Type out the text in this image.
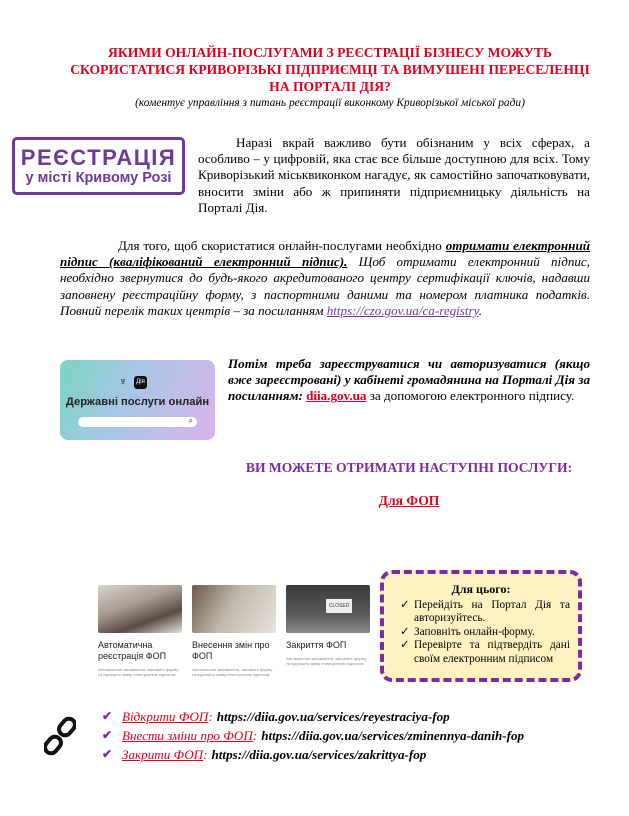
ЯКИМИ ОНЛАЙН-ПОСЛУГАМИ З РЕЄСТРАЦІЇ БІЗНЕСУ МОЖУТЬ СКОРИСТАТИСЯ КРИВОРІЗЬКІ ПІДПРИЄМЦІ ТА ВИМУШЕНІ ПЕРЕСЕЛЕНЦІ НА ПОРТАЛІ ДІЯ?
(коментує управління з питань реєстрації виконкому Криворізької міської ради)
РЕЄСТРАЦІЯ
у місті Кривому Розі
Наразі вкрай важливо бути обізнаним у всіх сферах, а особливо – у цифровій, яка стає все більше доступною для всіх. Тому Криворізький міськвиконком нагадує, як самостійно започатковувати, вносити зміни або ж припиняти підприємницьку діяльність на Порталі Дія.
Для того, щоб скористатися онлайн-послугами необхідно отримати електронний підпис (кваліфікований електронний підпис). Щоб отримати електронний підпис, необхідно звернутися до будь-якого акредитованого центру сертифікації ключів, надавши заповнену реєстраційну форму, з паспортними даними та номером платника податків. Повний перелік таких центрів – за посиланням https://czo.gov.ua/ca-registry.
♆	Дія
Державні послуги онлайн
⌕
Потім треба зареєструватися чи авторизуватися (якщо вже зареєстровані) у кабінеті громадянина на Порталі Дія за посиланням: diia.gov.ua за допомогою електронного підпису.
ВИ МОЖЕТЕ ОТРИМАТИ НАСТУПНІ ПОСЛУГИ:
Для ФОП
Автоматична реєстрація ФОП
Автоматичне заповнення, заповніть форму та підпишіть заяву електронним підписом
Внесення змін про ФОП
Автоматичне заповнення, заповніть форму та підпишіть заяву електронним підписом
CLOSED
Закриття ФОП
Автоматичне заповнення, заповніть форму та підпишіть заяву електронним підписом
Для цього:
✓ Перейдіть на Портал Дія та авторизуйтесь.
✓ Заповніть онлайн-форму.
✓ Перевірте та підтвердіть дані своїм електронним підписом
✔ Відкрити ФОП: https://diia.gov.ua/services/reyestraciya-fop
✔ Внести зміни про ФОП: https://diia.gov.ua/services/zminennya-danih-fop
✔ Закрити ФОП: https://diia.gov.ua/services/zakrittya-fop
